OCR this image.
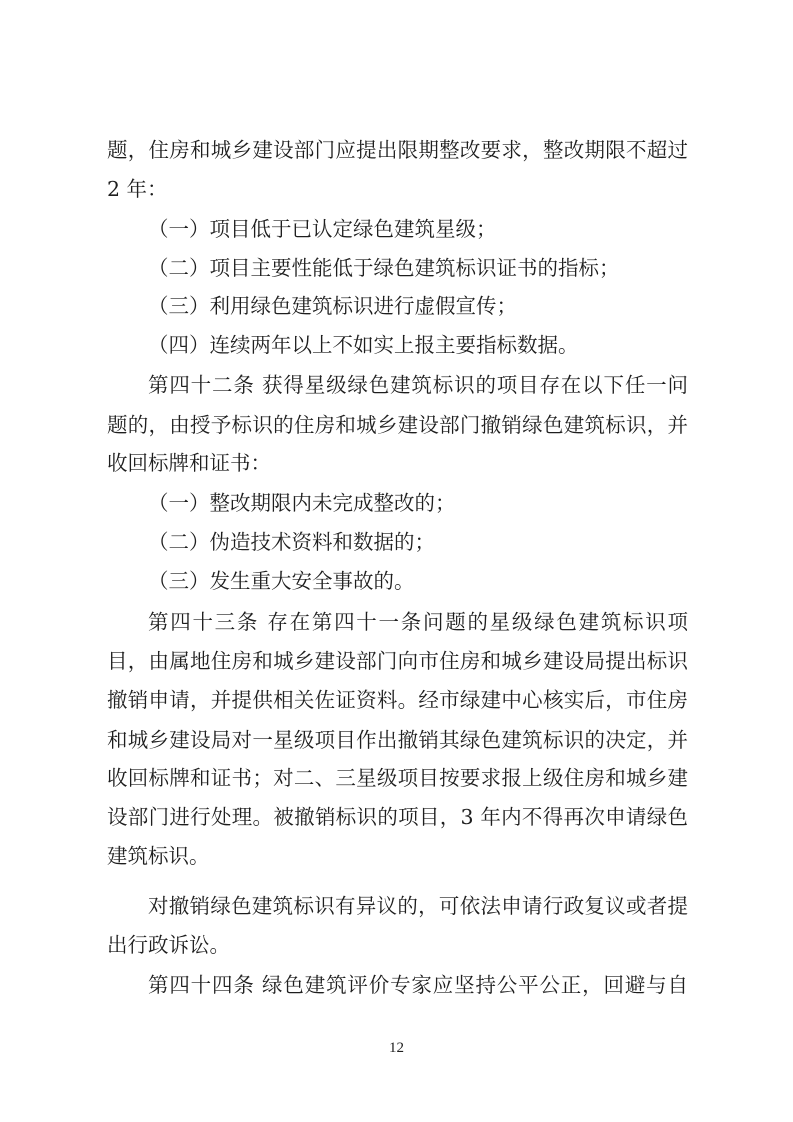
题，住房和城乡建设部门应提出限期整改要求，整改期限不超过
2 年：
（一）项目低于已认定绿色建筑星级；
（二）项目主要性能低于绿色建筑标识证书的指标；
（三）利用绿色建筑标识进行虚假宣传；
（四）连续两年以上不如实上报主要指标数据。
第四十二条 获得星级绿色建筑标识的项目存在以下任一问
题的，由授予标识的住房和城乡建设部门撤销绿色建筑标识，并
收回标牌和证书：
（一）整改期限内未完成整改的；
（二）伪造技术资料和数据的；
（三）发生重大安全事故的。
第四十三条 存在第四十一条问题的星级绿色建筑标识项
目，由属地住房和城乡建设部门向市住房和城乡建设局提出标识
撤销申请，并提供相关佐证资料。经市绿建中心核实后，市住房
和城乡建设局对一星级项目作出撤销其绿色建筑标识的决定，并
收回标牌和证书；对二、三星级项目按要求报上级住房和城乡建
设部门进行处理。被撤销标识的项目，3 年内不得再次申请绿色
建筑标识。
对撤销绿色建筑标识有异议的，可依法申请行政复议或者提
出行政诉讼。
第四十四条 绿色建筑评价专家应坚持公平公正，回避与自
12
